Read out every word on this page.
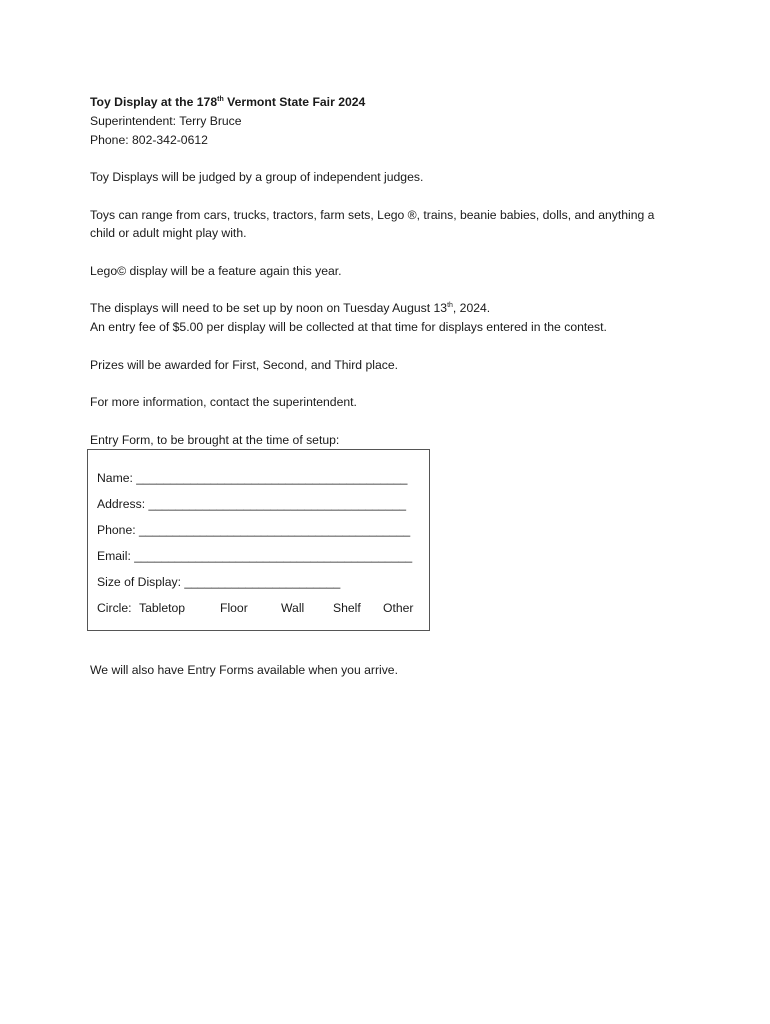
Toy Display at the 178th Vermont State Fair 2024
Superintendent: Terry Bruce
Phone: 802-342-0612
Toy Displays will be judged by a group of independent judges.
Toys can range from cars, trucks, tractors, farm sets, Lego ®, trains, beanie babies, dolls, and anything a
child or adult might play with.
Lego© display will be a feature again this year.
The displays will need to be set up by noon on Tuesday August 13th, 2024.
An entry fee of $5.00 per display will be collected at that time for displays entered in the contest.
Prizes will be awarded for First, Second, and Third place.
For more information, contact the superintendent.
Entry Form, to be brought at the time of setup:
Name: ________________________________________
Address: ______________________________________
Phone: ________________________________________
Email: _________________________________________
Size of Display: _______________________
Circle: Tabletop	Floor	Wall Shelf Other
We will also have Entry Forms available when you arrive.
